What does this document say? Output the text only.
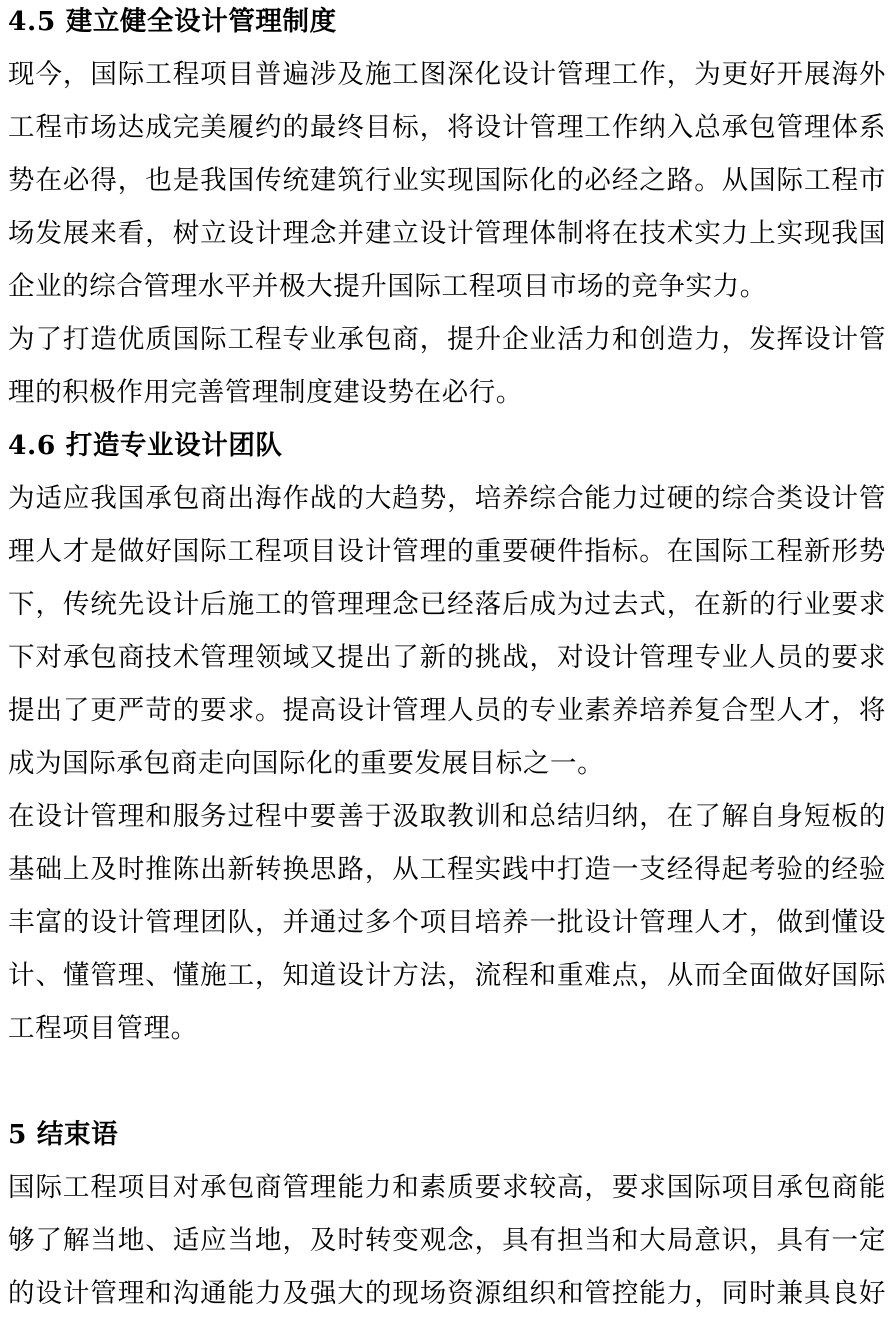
4.5 建立健全设计管理制度
现今，国际工程项目普遍涉及施工图深化设计管理工作，为更好开展海外
工程市场达成完美履约的最终目标，将设计管理工作纳入总承包管理体系
势在必得，也是我国传统建筑行业实现国际化的必经之路。从国际工程市
场发展来看，树立设计理念并建立设计管理体制将在技术实力上实现我国
企业的综合管理水平并极大提升国际工程项目市场的竞争实力。
为了打造优质国际工程专业承包商，提升企业活力和创造力，发挥设计管
理的积极作用完善管理制度建设势在必行。
4.6 打造专业设计团队
为适应我国承包商出海作战的大趋势，培养综合能力过硬的综合类设计管
理人才是做好国际工程项目设计管理的重要硬件指标。在国际工程新形势
下，传统先设计后施工的管理理念已经落后成为过去式，在新的行业要求
下对承包商技术管理领域又提出了新的挑战，对设计管理专业人员的要求
提出了更严苛的要求。提高设计管理人员的专业素养培养复合型人才，将
成为国际承包商走向国际化的重要发展目标之一。
在设计管理和服务过程中要善于汲取教训和总结归纳，在了解自身短板的
基础上及时推陈出新转换思路，从工程实践中打造一支经得起考验的经验
丰富的设计管理团队，并通过多个项目培养一批设计管理人才，做到懂设
计、懂管理、懂施工，知道设计方法，流程和重难点，从而全面做好国际
工程项目管理。
5 结束语
国际工程项目对承包商管理能力和素质要求较高，要求国际项目承包商能
够了解当地、适应当地，及时转变观念，具有担当和大局意识，具有一定
的设计管理和沟通能力及强大的现场资源组织和管控能力，同时兼具良好
